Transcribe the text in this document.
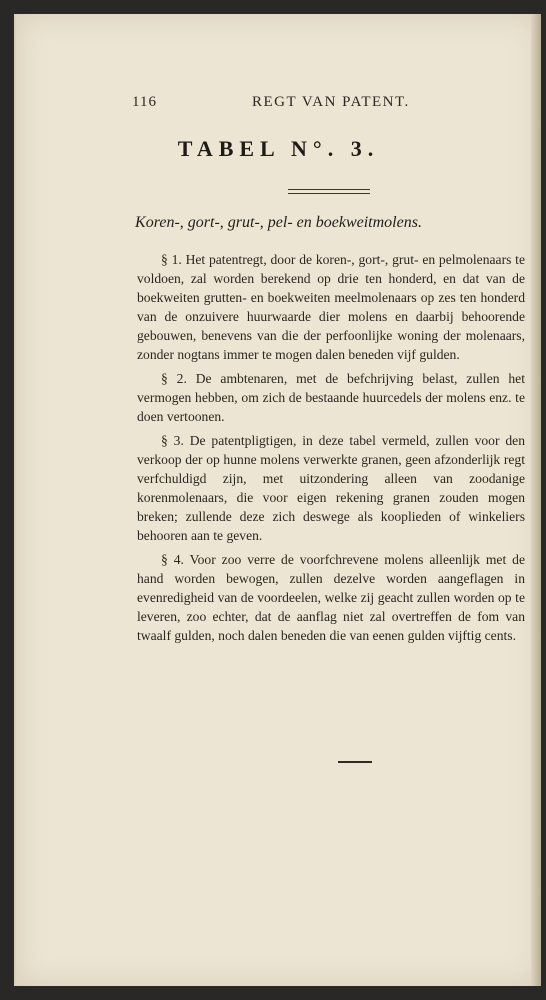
116	REGT VAN PATENT.
TABEL N°. 3.
Koren-, gort-, grut-, pel- en boekweitmolens.

§ 1. Het patentregt, door de koren-, gort-, grut- en pelmolenaars te voldoen, zal worden berekend op drie ten honderd, en dat van de boekweiten grutten- en boekweiten meelmolenaars op zes ten honderd van de onzuivere huurwaarde dier molens en daarbij behoorende gebouwen, benevens van die der perfoonlijke woning der molenaars, zonder nogtans immer te mogen dalen beneden vijf gulden.

§ 2. De ambtenaren, met de befchrijving belast, zullen het vermogen hebben, om zich de bestaande huurcedels der molens enz. te doen vertoonen.

§ 3. De patentpligtigen, in deze tabel vermeld, zullen voor den verkoop der op hunne molens verwerkte granen, geen afzonderlijk regt verfchuldigd zijn, met uitzondering alleen van zoodanige korenmolenaars, die voor eigen rekening granen zouden mogen breken; zullende deze zich deswege als kooplieden of winkeliers behooren aan te geven.

§ 4. Voor zoo verre de voorfchrevene molens alleenlijk met de hand worden bewogen, zullen dezelve worden aangeflagen in evenredigheid van de voordeelen, welke zij geacht zullen worden op te leveren, zoo echter, dat de aanflag niet zal overtreffen de fom van twaalf gulden, noch dalen beneden die van eenen gulden vijftig cents.
